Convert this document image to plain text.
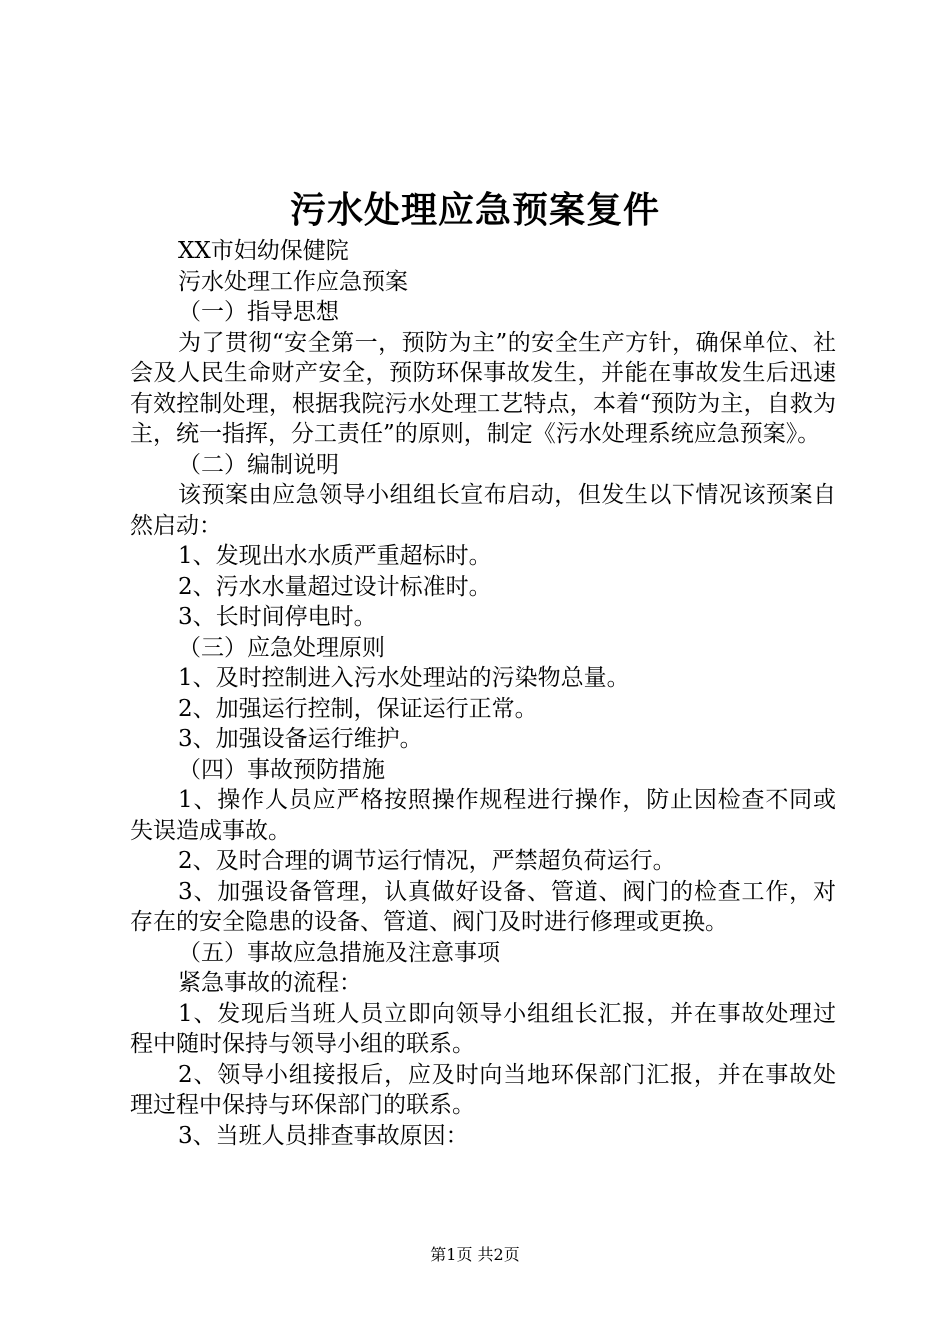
污水处理应急预案复件

XX市妇幼保健院

污水处理工作应急预案

（一）指导思想

为了贯彻“安全第一，预防为主”的安全生产方针，确保单位、社会及人民生命财产安全，预防环保事故发生，并能在事故发生后迅速有效控制处理，根据我院污水处理工艺特点，本着“预防为主，自救为主，统一指挥，分工责任”的原则，制定《污水处理系统应急预案》。

（二）编制说明

该预案由应急领导小组组长宣布启动，但发生以下情况该预案自然启动：

1、发现出水水质严重超标时。

2、污水水量超过设计标准时。

3、长时间停电时。

（三）应急处理原则

1、及时控制进入污水处理站的污染物总量。

2、加强运行控制，保证运行正常。

3、加强设备运行维护。

（四）事故预防措施

1、操作人员应严格按照操作规程进行操作，防止因检查不同或失误造成事故。

2、及时合理的调节运行情况，严禁超负荷运行。

3、加强设备管理，认真做好设备、管道、阀门的检查工作，对存在的安全隐患的设备、管道、阀门及时进行修理或更换。

（五）事故应急措施及注意事项

紧急事故的流程：

1、发现后当班人员立即向领导小组组长汇报，并在事故处理过程中随时保持与领导小组的联系。

2、领导小组接报后，应及时向当地环保部门汇报，并在事故处理过程中保持与环保部门的联系。

3、当班人员排查事故原因：

第1页 共2页
